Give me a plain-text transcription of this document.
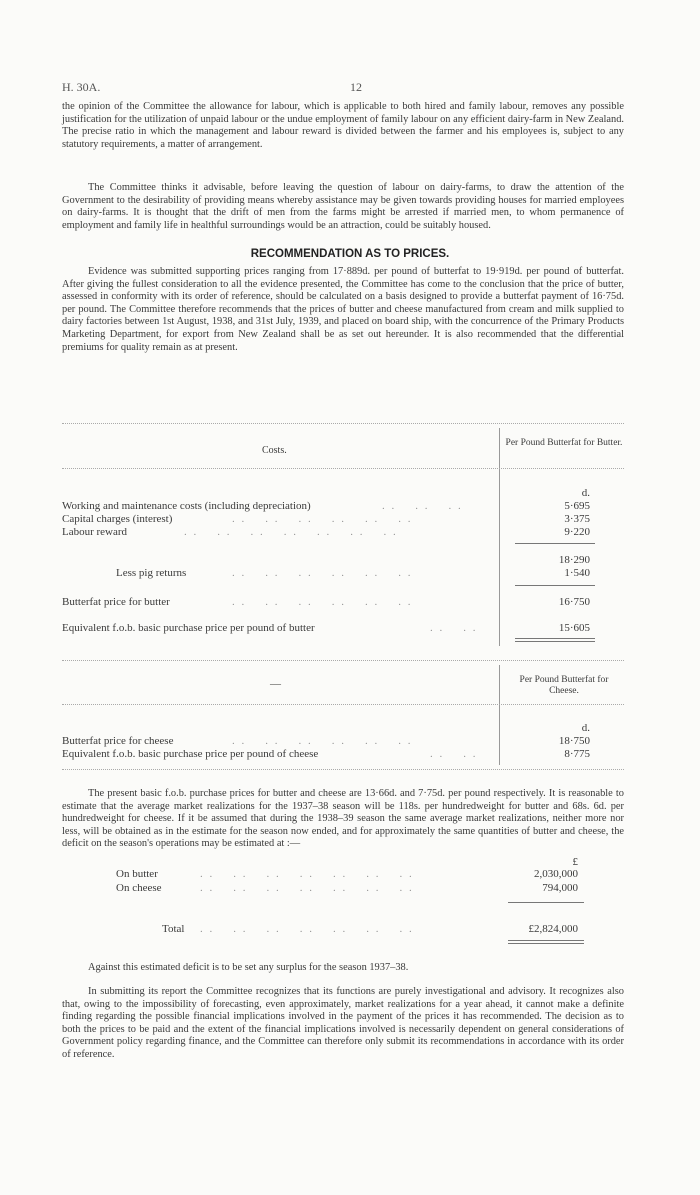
H. 30A.	12

the opinion of the Committee the allowance for labour, which is applicable to both hired and family labour, removes any possible justification for the utilization of unpaid labour or the undue employment of family labour on any efficient dairy-farm in New Zealand. The precise ratio in which the management and labour reward is divided between the farmer and his employees is, subject to any statutory requirements, a matter of arrangement.

The Committee thinks it advisable, before leaving the question of labour on dairy-farms, to draw the attention of the Government to the desirability of providing means whereby assistance may be given towards providing houses for married employees on dairy-farms. It is thought that the drift of men from the farms might be arrested if married men, to whom permanence of employment and family life in healthful surroundings would be an attraction, could be suitably housed.

RECOMMENDATION AS TO PRICES.

Evidence was submitted supporting prices ranging from 17·889d. per pound of butterfat to 19·919d. per pound of butterfat. After giving the fullest consideration to all the evidence presented, the Committee has come to the conclusion that the price of butter, assessed in conformity with its order of reference, should be calculated on a basis designed to provide a butterfat payment of 16·75d. per pound. The Committee therefore recommends that the prices of butter and cheese manufactured from cream and milk supplied to dairy factories between 1st August, 1938, and 31st July, 1939, and placed on board ship, with the concurrence of the Primary Products Marketing Department, for export from New Zealand shall be as set out hereunder. It is also recommended that the differential premiums for quality remain as at present.

Costs.
Per Pound Butterfat for Butter.
d.
Working and maintenance costs (including depreciation)	. .    . .    . .	5·695
Capital charges (interest)	. .    . .    . .    . .    . .    . .	3·375
Labour reward	. .    . .    . .    . .    . .    . .    . .	9·220
18·290
Less pig returns	. .    . .    . .    . .    . .    . .	1·540
Butterfat price for butter	. .    . .    . .    . .    . .    . .	16·750
Equivalent f.o.b. basic purchase price per pound of butter	. .    . .	15·605
—	Per Pound Butterfat for Cheese.
d.
Butterfat price for cheese	. .    . .    . .    . .    . .    . .	18·750
Equivalent f.o.b. basic purchase price per pound of cheese	. .    . .	8·775

The present basic f.o.b. purchase prices for butter and cheese are 13·66d. and 7·75d. per pound respectively. It is reasonable to estimate that the average market realizations for the 1937–38 season will be 118s. per hundredweight for butter and 68s. 6d. per hundredweight for cheese. If it be assumed that during the 1938–39 season the same average market realizations, neither more nor less, will be obtained as in the estimate for the season now ended, and for approximately the same quantities of butter and cheese, the deficit on the season's operations may be estimated at :—

£
On butter	. .    . .    . .    . .    . .    . .    . .	2,030,000
On cheese	. .    . .    . .    . .    . .    . .    . .	794,000
Total . .    . .    . .    . .    . .    . .    . .	£2,824,000

Against this estimated deficit is to be set any surplus for the season 1937–38.

In submitting its report the Committee recognizes that its functions are purely investigational and advisory. It recognizes also that, owing to the impossibility of forecasting, even approximately, market realizations for a year ahead, it cannot make a definite finding regarding the possible financial implications involved in the payment of the prices it has recommended. The decision as to both the prices to be paid and the extent of the financial implications involved is necessarily dependent on general considerations of Government policy regarding finance, and the Committee can therefore only submit its recommendations in accordance with its order of reference.
